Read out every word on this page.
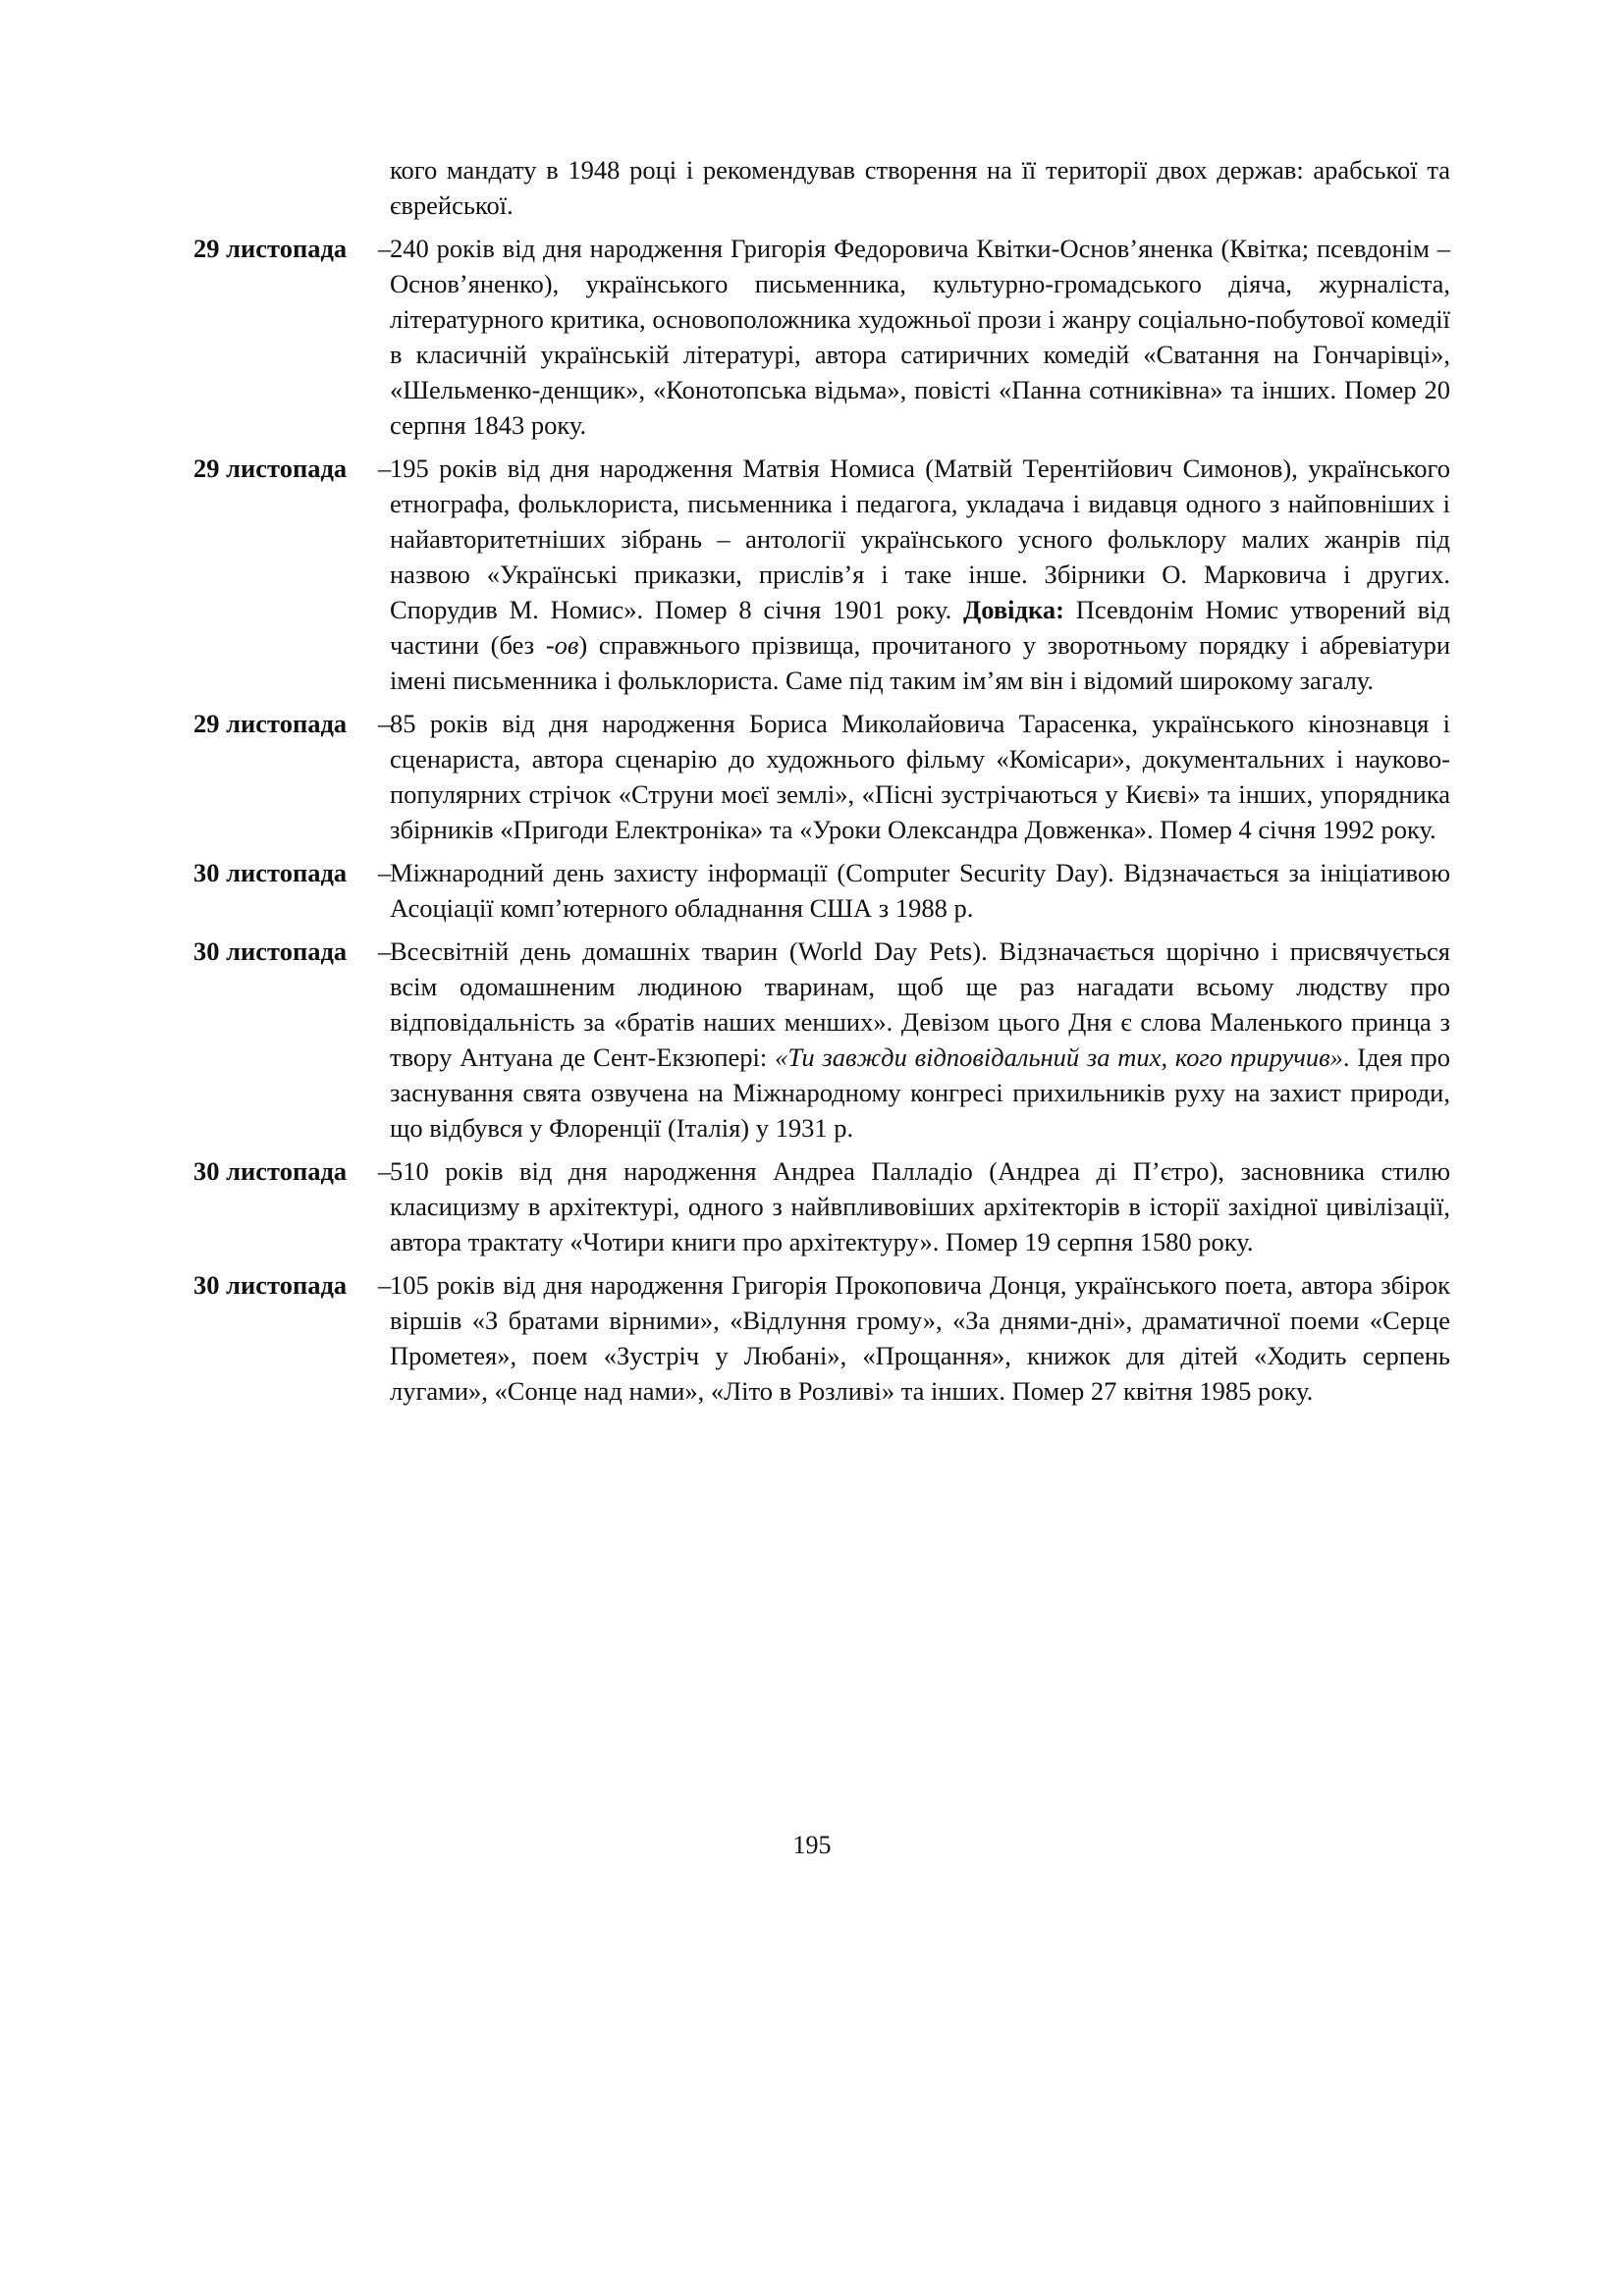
кого мандату в 1948 році і рекомендував створення на її території двох держав: арабської та єврейської.

29 листопада	–
240 років від дня народження Григорія Федоровича Квітки-Основ’яненка (Квітка; псевдонім – Основ’яненко), українського письменника, культурно-громадського діяча, журналіста, літературного критика, основоположника художньої прози і жанру соціально-побутової комедії в класичній українській літературі, автора сатиричних комедій «Сватання на Гончарівці», «Шельменко-денщик», «Конотопська відьма», повісті «Панна сотниківна» та інших. Помер 20 серпня 1843 року.
29 листопада	–
195 років від дня народження Матвія Номиса (Матвій Терентійович Симонов), українського етнографа, фольклориста, письменника і педагога, укладача і видавця одного з найповніших і найавторитетніших зібрань – антології українського усного фольклору малих жанрів під назвою «Українські приказки, прислів’я і таке інше. Збірники О. Марковича і других. Спорудив М. Номис». Помер 8 січня 1901 року. Довідка: Псевдонім Номис утворений від частини (без -ов) справжнього прізвища, прочитаного у зворотньому порядку і абревіатури імені письменника і фольклориста. Саме під таким ім’ям він і відомий широкому загалу.
29 листопада	–
85 років від дня народження Бориса Миколайовича Тарасенка, українського кінознавця і сценариста, автора сценарію до художнього фільму «Комісари», документальних і науково-популярних стрічок «Струни моєї землі», «Пісні зустрічаються у Києві» та інших, упорядника збірників «Пригоди Електроніка» та «Уроки Олександра Довженка». Помер 4 січня 1992 року.
30 листопада	–
Міжнародний день захисту інформації (Computer Security Day). Відзначається за ініціативою Асоціації комп’ютерного обладнання США з 1988 р.
30 листопада	–
Всесвітній день домашніх тварин (World Day Pets). Відзначається щорічно і присвячується всім одомашненим людиною тваринам, щоб ще раз нагадати всьому людству про відповідальність за «братів наших менших». Девізом цього Дня є слова Маленького принца з твору Антуана де Сент-Екзюпері: «Ти завжди відповідальний за тих, кого приручив». Ідея про заснування свята озвучена на Міжнародному конгресі прихильників руху на захист природи, що відбувся у Флоренції (Італія) у 1931 р.
30 листопада	–
510 років від дня народження Андреа Палладіо (Андреа ді П’єтро), засновника стилю класицизму в архітектурі, одного з найвпливовіших архітекторів в історії західної цивілізації, автора трактату «Чотири книги про архітектуру». Помер 19 серпня 1580 року.
30 листопада	–
105 років від дня народження Григорія Прокоповича Донця, українського поета, автора збірок віршів «З братами вірними», «Відлуння грому», «За днями-дні», драматичної поеми «Серце Прометея», поем «Зустріч у Любані», «Прощання», книжок для дітей «Ходить серпень лугами», «Сонце над нами», «Літо в Розливі» та інших. Помер 27 квітня 1985 року.
195
